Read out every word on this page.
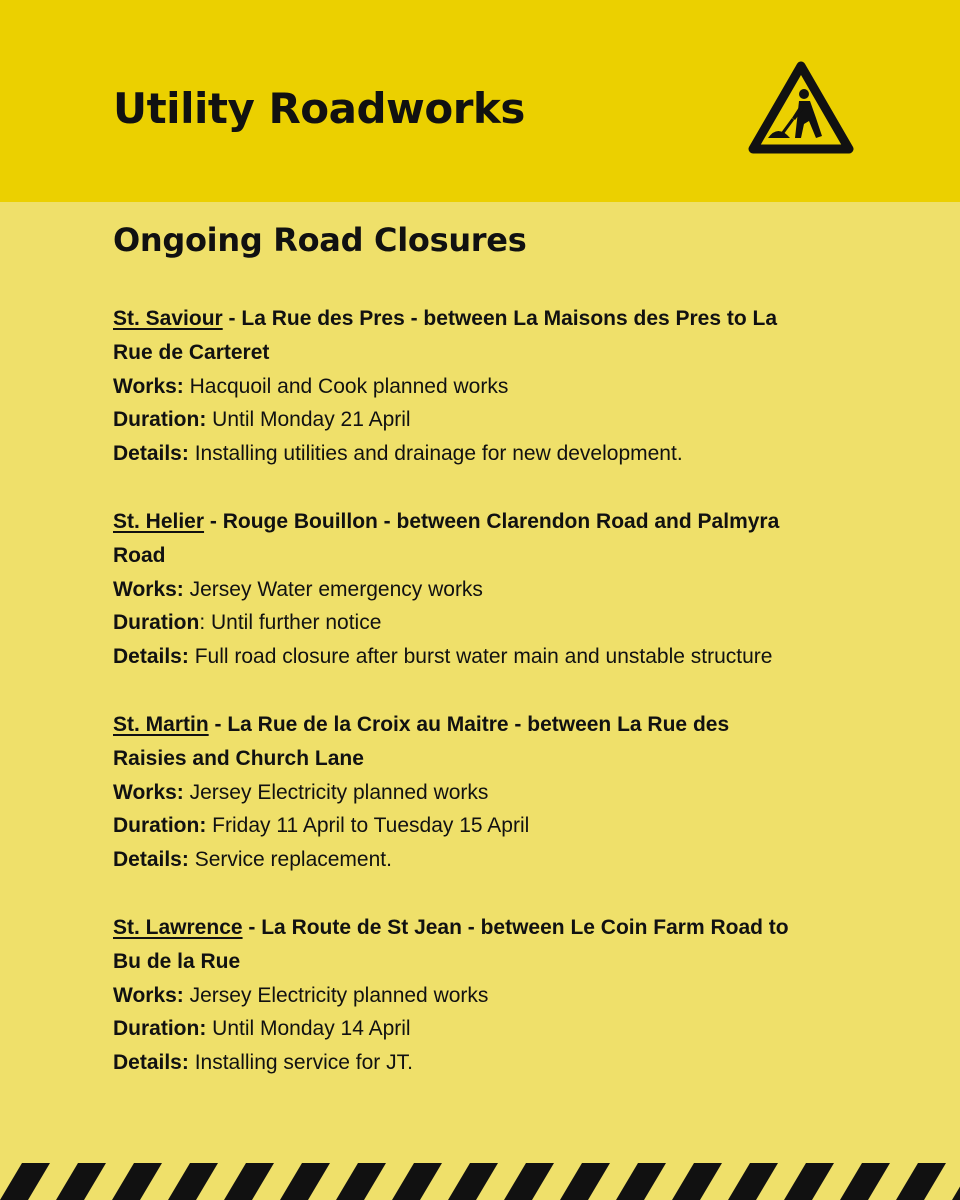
Utility Roadworks
Ongoing Road Closures
St. Saviour - La Rue des Pres - between La Maisons des Pres to La
Rue de Carteret
Works: Hacquoil and Cook planned works
Duration: Until Monday 21 April
Details: Installing utilities and drainage for new development.
St. Helier - Rouge Bouillon - between Clarendon Road and Palmyra
Road
Works: Jersey Water emergency works
Duration: Until further notice
Details: Full road closure after burst water main and unstable structure
St. Martin - La Rue de la Croix au Maitre - between La Rue des
Raisies and Church Lane
Works: Jersey Electricity planned works
Duration: Friday 11 April to Tuesday 15 April
Details: Service replacement.
St. Lawrence - La Route de St Jean - between Le Coin Farm Road to
Bu de la Rue
Works: Jersey Electricity planned works
Duration: Until Monday 14 April
Details: Installing service for JT.
